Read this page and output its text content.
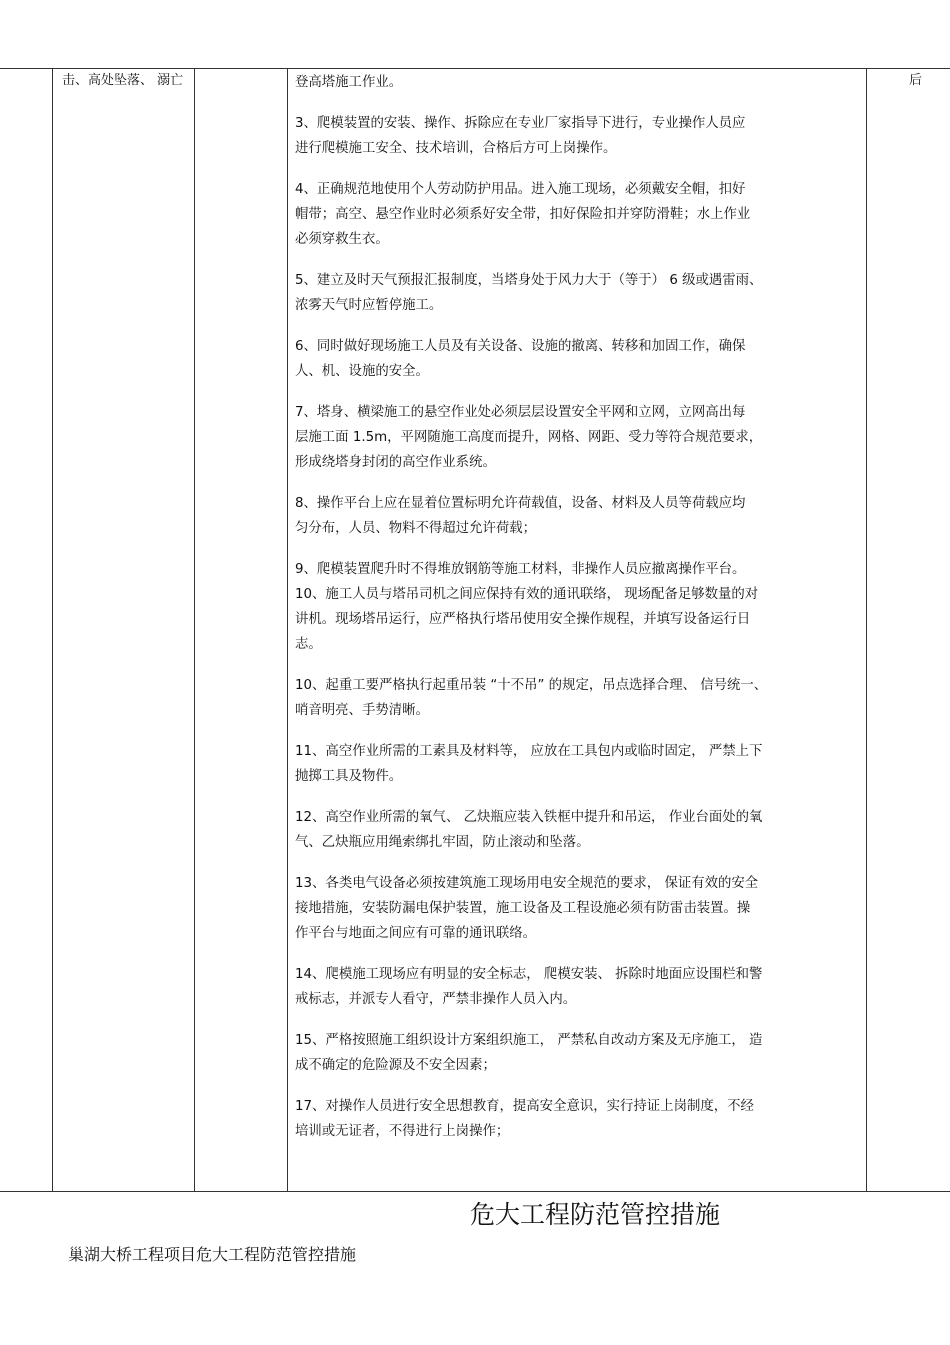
击、高处坠落、 溺亡	后
登高塔施工作业。
3、爬模装置的安装、操作、拆除应在专业厂家指导下进行，专业操作人员应
进行爬模施工安全、技术培训，合格后方可上岗操作。
4、正确规范地使用个人劳动防护用品。进入施工现场，必须戴安全帽，扣好
帽带；高空、悬空作业时必须系好安全带，扣好保险扣并穿防滑鞋；水上作业
必须穿救生衣。
5、建立及时天气预报汇报制度，当塔身处于风力大于（等于） 6 级或遇雷雨、
浓雾天气时应暂停施工。
6、同时做好现场施工人员及有关设备、设施的撤离、转移和加固工作，确保
人、机、设施的安全。
7、塔身、横梁施工的悬空作业处必须层层设置安全平网和立网，立网高出每
层施工面 1.5m，平网随施工高度而提升，网格、网距、受力等符合规范要求，
形成绕塔身封闭的高空作业系统。
8、操作平台上应在显着位置标明允许荷载值，设备、材料及人员等荷载应均
匀分布，人员、物料不得超过允许荷载；
9、爬模装置爬升时不得堆放钢筋等施工材料，非操作人员应撤离操作平台。
10、施工人员与塔吊司机之间应保持有效的通讯联络， 现场配备足够数量的对
讲机。现场塔吊运行，应严格执行塔吊使用安全操作规程，并填写设备运行日
志。
10、起重工要严格执行起重吊装 “十不吊” 的规定，吊点选择合理、 信号统一、
哨音明亮、手势清晰。
11、高空作业所需的工素具及材料等， 应放在工具包内或临时固定， 严禁上下
抛掷工具及物件。
12、高空作业所需的氧气、 乙炔瓶应装入铁框中提升和吊运， 作业台面处的氧
气、乙炔瓶应用绳索绑扎牢固，防止滚动和坠落。
13、各类电气设备必须按建筑施工现场用电安全规范的要求， 保证有效的安全
接地措施，安装防漏电保护装置，施工设备及工程设施必须有防雷击装置。操
作平台与地面之间应有可靠的通讯联络。
14、爬模施工现场应有明显的安全标志， 爬模安装、 拆除时地面应设围栏和警
戒标志，并派专人看守，严禁非操作人员入内。
15、严格按照施工组织设计方案组织施工， 严禁私自改动方案及无序施工， 造
成不确定的危险源及不安全因素；
17、对操作人员进行安全思想教育，提高安全意识，实行持证上岗制度，不经
培训或无证者，不得进行上岗操作；
危大工程防范管控措施
巢湖大桥工程项目危大工程防范管控措施
